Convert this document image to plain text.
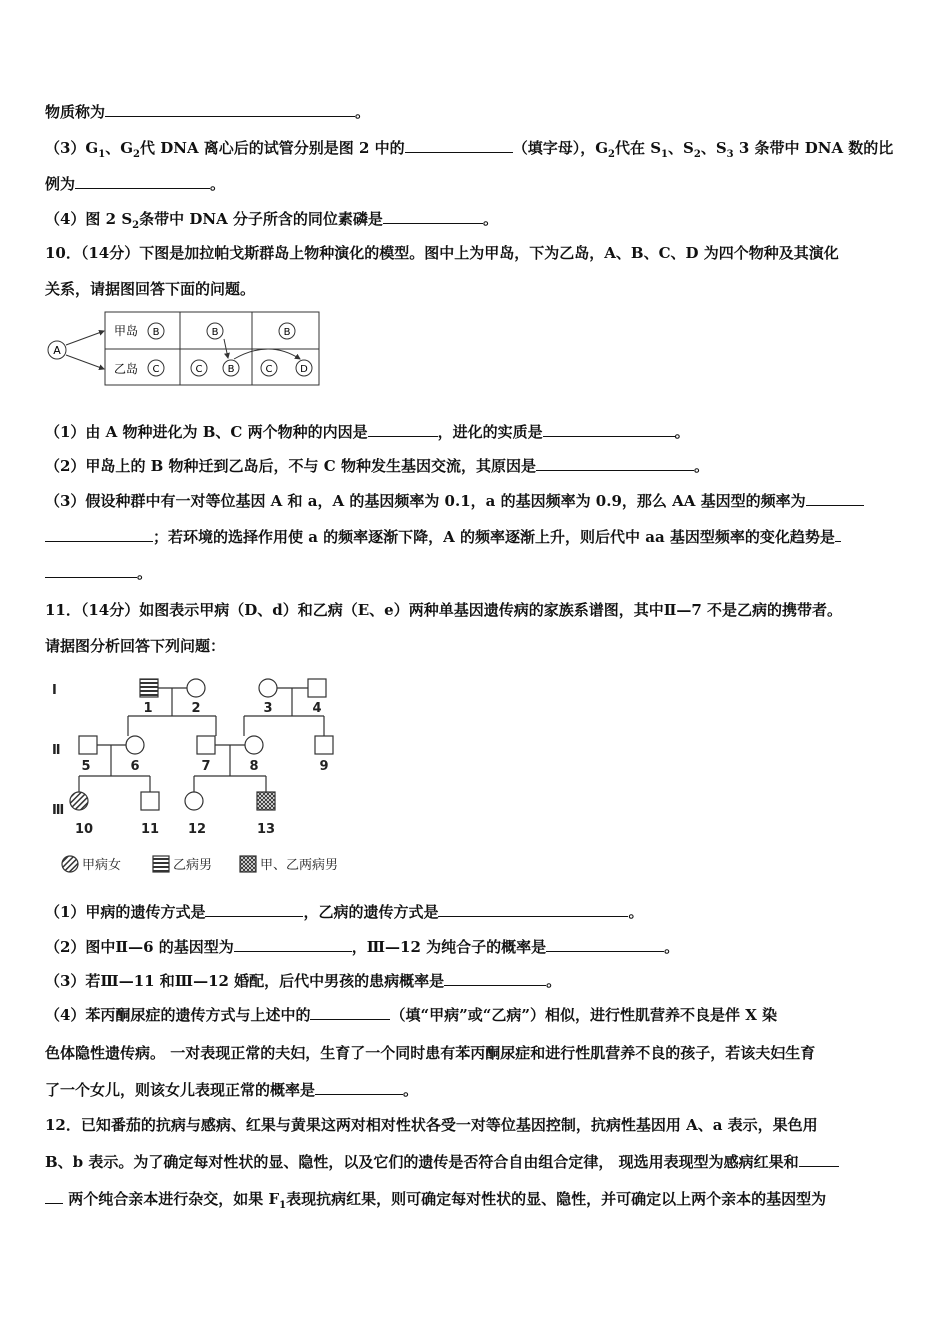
物质称为	。
$(3)G_1$、$G_2$代 DNA 离心后的试管分别是图 2 中的	（填字母），$G_2$代在 $S_1$、$S_2$、$S_3$ 3 条带中 DNA 数的比
例为	。
（4）图 2 $S_2$条带中 DNA 分子所含的同位素磷是	。
10．（14分）下图是加拉帕戈斯群岛上物种演化的模型。图中上为甲岛，下为乙岛，A、B、C、D 为四个物种及其演化
关系，请据图回答下面的问题。
A
甲岛
乙岛
B
C
B
C	B
B
C	D
（1）由 A 物种进化为 B、C 两个物种的内因是	，进化的实质是	。
（2）甲岛上的 B 物种迁到乙岛后，不与 C 物种发生基因交流，其原因是	。
（3）假设种群中有一对等位基因 A 和 a，A 的基因频率为 0.1，a 的基因频率为 0.9，那么 AA 基因型的频率为
；若环境的选择作用使 a 的频率逐渐下降，A 的频率逐渐上升，则后代中 aa 基因型频率的变化趋势是
。
11．（14分）如图表示甲病（D、d）和乙病（E、e）两种单基因遗传病的家族系谱图，其中Ⅱ—7 不是乙病的携带者。
请据图分析回答下列问题：
Ⅰ
Ⅱ
Ⅲ
1	2	3	4
5	6	7	8	9
10	11 12	13
甲病女	乙病男	甲、乙两病男
（1）甲病的遗传方式是	，乙病的遗传方式是	。
（2）图中Ⅱ—6 的基因型为	，Ⅲ—12 为纯合子的概率是	。
（3）若Ⅲ—11 和Ⅲ—12 婚配，后代中男孩的患病概率是	。
（4）苯丙酮尿症的遗传方式与上述中的	（填“甲病”或“乙病”）相似，进行性肌营养不良是伴 X 染
色体隐性遗传病。 一对表现正常的夫妇，生育了一个同时患有苯丙酮尿症和进行性肌营养不良的孩子，若该夫妇生育
了一个女儿，则该女儿表现正常的概率是	。
12．已知番茄的抗病与感病、红果与黄果这两对相对性状各受一对等位基因控制，抗病性基因用 A、a 表示，果色用
B、b 表示。为了确定每对性状的显、隐性，以及它们的遗传是否符合自由组合定律， 现选用表现型为感病红果和
两个纯合亲本进行杂交，如果 $F_1$表现抗病红果，则可确定每对性状的显、隐性，并可确定以上两个亲本的基因型为
